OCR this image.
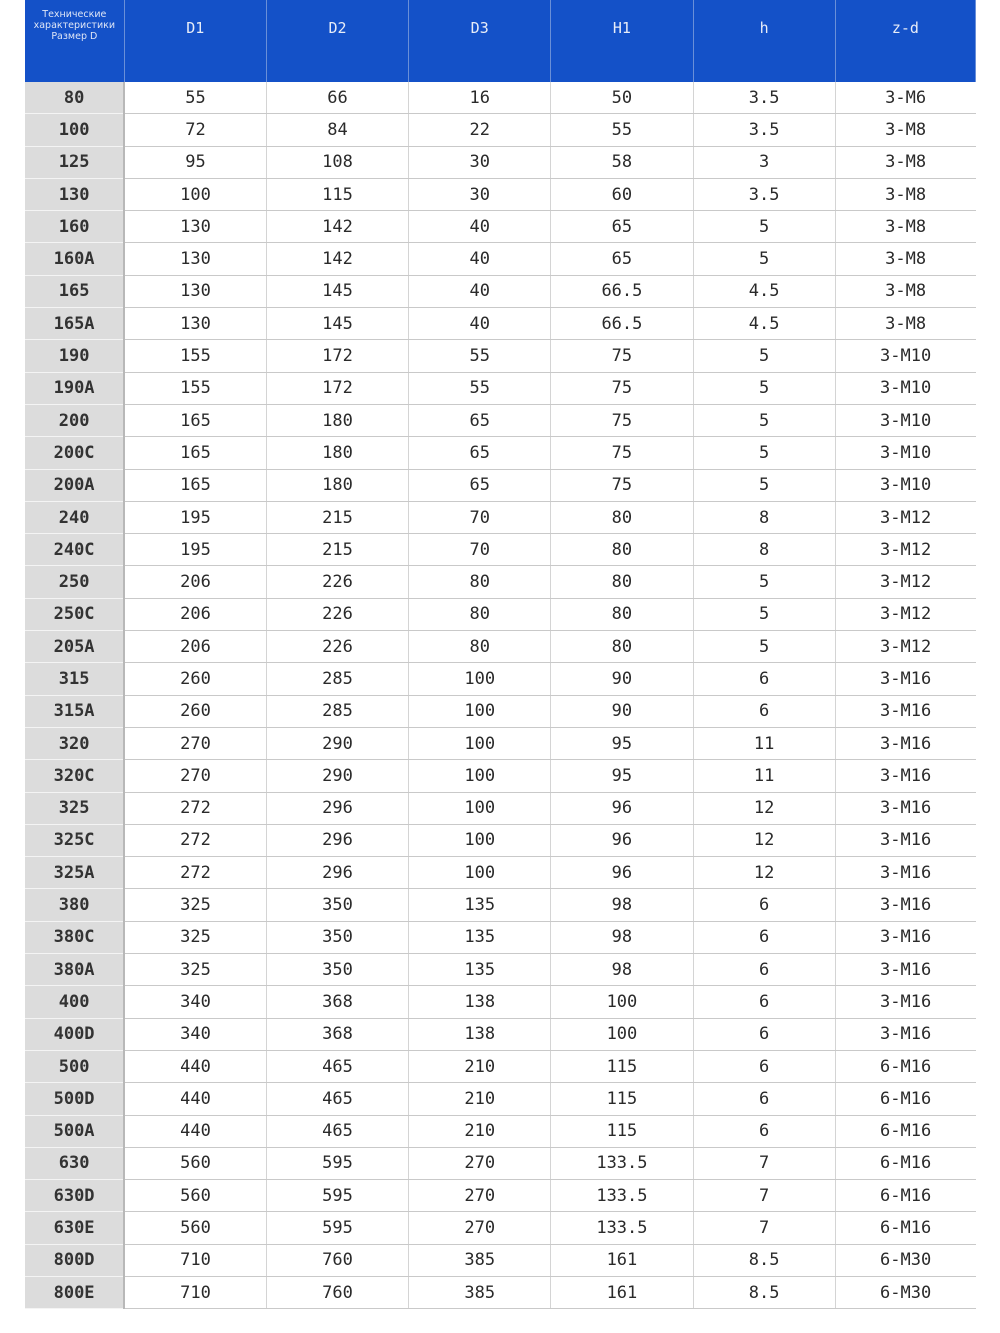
Технические
характеристики
Размер D	D1	D2	D3	H1	h	z-d

80	55	66	16	50	3.5	3-M6
100	72	84	22	55	3.5	3-M8
125	95	108	30	58	3	3-M8
130	100	115	30	60	3.5	3-M8
160	130	142	40	65	5	3-M8
160A	130	142	40	65	5	3-M8
165	130	145	40	66.5	4.5	3-M8
165A	130	145	40	66.5	4.5	3-M8
190	155	172	55	75	5	3-M10
190A	155	172	55	75	5	3-M10
200	165	180	65	75	5	3-M10
200C	165	180	65	75	5	3-M10
200A	165	180	65	75	5	3-M10
240	195	215	70	80	8	3-M12
240C	195	215	70	80	8	3-M12
250	206	226	80	80	5	3-M12
250C	206	226	80	80	5	3-M12
205A	206	226	80	80	5	3-M12
315	260	285	100	90	6	3-M16
315A	260	285	100	90	6	3-M16
320	270	290	100	95	11	3-M16
320C	270	290	100	95	11	3-M16
325	272	296	100	96	12	3-M16
325C	272	296	100	96	12	3-M16
325A	272	296	100	96	12	3-M16
380	325	350	135	98	6	3-M16
380C	325	350	135	98	6	3-M16
380A	325	350	135	98	6	3-M16
400	340	368	138	100	6	3-M16
400D	340	368	138	100	6	3-M16
500	440	465	210	115	6	6-M16
500D	440	465	210	115	6	6-M16
500A	440	465	210	115	6	6-M16
630	560	595	270	133.5	7	6-M16
630D	560	595	270	133.5	7	6-M16
630E	560	595	270	133.5	7	6-M16
800D	710	760	385	161	8.5	6-M30
800E	710	760	385	161	8.5	6-M30
